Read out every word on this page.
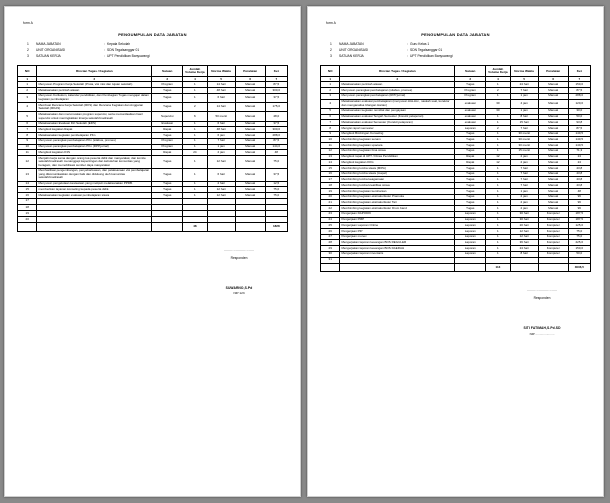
form A
PENGUMPULAN DATA JABATAN
1	NAMA JABATAN	: Kepala Sekolah
2	UNIT ORGANISASI	: SDN Tegalsanggar 01
3	SATUAN KERJA	: UPT Pendidikan Banyuwangi
NO	Rincian Tugas / Kegiatan	Satuan	Jumlah Volume Kerja	Norma Waktu	Peralatan	Ket
1	2	3	4	5	6	7
1	Menyusun Program Kerja Sekolah (Prota, visi misi dan tujuan sekolah)	Program	1	14 hari	Manual	87,5
2	Melaksanakan perintah atasan	Tugas	1	48 hari	Manual	300,0
3	Menyusun Kurikulum, kalender pendidikan, dan Pembagian Tugas mengajar dalam kegiatan pembelajaran	Tugas	1	6 hari	Manual	37,5
4	Membuat Rencana Kerja Sekolah (RKS) dan Rencana Kegiatan dan Anggaran Sekolah (RKAS)	Tugas	2	14 hari	Manual	175,0
5	Melaksanakan dan merumuskan program supervisi, serta memanfaatkan hasil supervisi untuk meningkatkan kinerja sekolah/madrasah	Supervisi	6	50 menit	Manual	48,0
6	Melaksanakan Evaluasi Diri Sekolah (EDS)	Evaluasi	1	6 hari	Manual	37,5
7	Mengikuti kegiatan Rapat	Rapat	1	48 hari	Manual	300,0
8	Melaksanakan kegiatan pembelajaran PKn	Tugas	1	6 jam	Manual	288,0
9	Menyusun perangkat pembelajaran PKn (silabus, promes)	Program	1	7 hari	Manual	87,5
10	Menyusun perangkat pembelajaran PKn (RPP,jurnal)	Program	1	1 jam	Manual	144,0
11	Mengikuti kegiatan K3S	Rapat	24	2 jam	Manual	48
12	Menjalin kerja sama dengan orang tua peserta didik dan masyarakat, dan komite sekolah/madrasah menanggapi kepentingan dan kebutuhan komunitas yang beragam, dan memobilisasi sumber daya masyarakat	Tugas	1	12 hari	Manual	75,0
13	Memfasilitasi pengembangan, penyebarluasan, dan pelaksanaan visi pembelajaran yang dikomunikasikan dengan baik dan didukung oleh komunitas sekolah/madrasah	Tugas	1	6 hari	Manual	37,5
14	Menyusun pengelolaan kesiswaan yang meliputi melaksanakan PPDB.	Tugas	1	2 hari	Manual	12,5
15	memberikan layanan konseling kepada peserta didik.	Tugas	1	12 hari	Manual	75,0
16	Melaksanakan kegiatan evaluasi pembelajaran siswa	Tugas	1	12 hari	Manual	75,0
17						
18						
19						
20						
			48			1828
............................
Responden
SUWARNO,S.Pd
NIP 123
form A
PENGUMPULAN DATA JABATAN
1	NAMA JABATAN	: Guru Kelas 1
2	UNIT ORGANISASI	: SDN Tegalsanggar 01
3	SATUAN KERJA	: UPT Pendidikan Banyuwangi
NO	Rincian Tugas / Kegiatan	Satuan	Jumlah Volume Kerja	Norma Waktu	Peralatan	Ket
1	2	3	4	5	6	7
1	Melaksanakan perintah atasan	Tugas	1	24 hari	Manual	150,0
2	Menyusun perangkat pembelajaran (silabus, promes)	Program	2	7 hari	Manual	87,5
3	Menyusun perangkat pembelajaran (RPP,jurnal)	Program	1	1 jam	Manual	288,0
4	Melaksanakan evaluasi pembelajaran (menyusun kiisi-kisi , naskah soal, korektor dan menganalisa Ulangan Harian)	evaluasi	30	4 jam	Manual	120,0
5	Melaksanakan kegiatan remidial dan pengayaan	evaluasi	30	1 jam	Manual	30,0
6	Melaksanakan evaluasi Tengah Semester (Korektr,pelaporan)	evaluasi	1	8 hari	Manual	50,0
7	Melaksanakan evaluasi Semester (Korektr,pelaporan)	evaluasi	1	15 hari	Manual	93,8
8	Mengisi raport semester	Laporan	2	7 hari	Manual	87,5
9	Mengikuti Bimbingan Konseling	Tugas	1	30 menit	Manual	140,5
10	Membimbing kegiatan senam	Tugas	1	30 menit	Manual	140,5
11	Membimbing kegiatan upacara	Tugas	1	30 menit	Manual	140,5
12	Membimbing kegiatan bina siswa	Tugas	1	15 menit	Manual	71,3
13	Mengikuti rapat di UPT / Dinas Pendidikan	Rapat	12	2 jam	Manual	24
14	Mengikuti kegiatan KKG	Rapat	12	2 jam	Manual	24
15	Membimbing lomba siswa (MIPA)	Tugas	1	7 hari	Manual	43,8
16	Membimbing lomba siswa (mapel)	Tugas	1	7 hari	Manual	43,8
17	Membimbing lomba keagamaan	Tugas	1	7 hari	Manual	43,8
18	Membimbing lomba kreatifitas siswa	Tugas	1	7 hari	Manual	43,8
19	Membimbing kegiatan kerohanian	Tugas	1	1 jam	Manual	48
20	Membimbing kegiatan ekstrakurikuler Pramuka	Tugas	1	2 jam	Manual	96
21	Membimbing kegiatan ekstrakurikuler Tari	Tugas	1	2 jam	Manual	96
22	Membimbing kegiatan ekstrakurikuler Drum band	Tugas	1	2 jam	Manual	96
23	Pengerjaan DAPODIK	Laporan	1	30 hari	Komputer	187,5
24	Pengerjaan PMP	Laporan	1	30 hari	Komputer	187,5
25	Pengerjaan Laporan Online	Laporan	1	20 hari	Komputer	125,0
26	Pengerjaan PIP	Laporan	1	12 hari	Komputer	75,0
27	Pengerjaan monev	Laporan	1	12 hari	Komputer	75,0
28	Mengerjakan laporan keuangan BOS REGULER	Laporan	1	36 hari	Komputer	225,0
29	Mengerjakan laporan keuangan BOS DAERAH	Laporan	1	24 hari	Komputer	150,0
30	Mengerjakan laporan inventaris	Laporan	1	8 hari	Komputer	50,0
31						
			113			3036,5
............................
Responden
SITI FATIMAH,S.Pd.SD
NIP ......................
